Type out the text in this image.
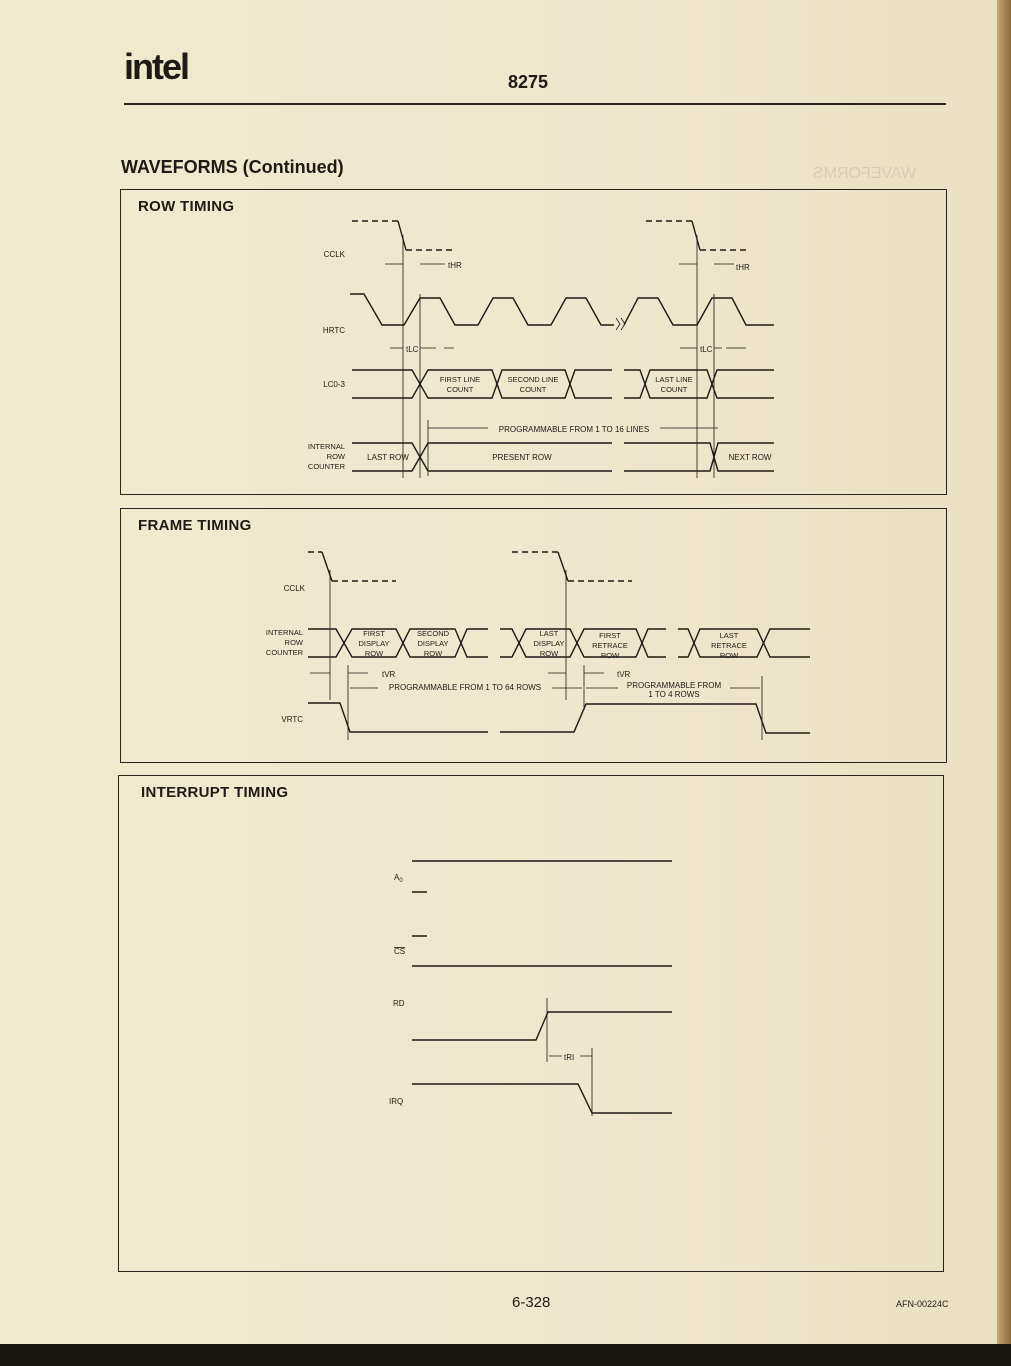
WAVEFORMS
intel	8275
WAVEFORMS (Continued)
ROW TIMING
FRAME TIMING
INTERRUPT TIMING
CCLK
tHR	tHR
HRTC
tLC	tLC
LC0-3
FIRST LINE COUNT
SECOND LINE COUNT
LAST LINE COUNT
PROGRAMMABLE FROM 1 TO 16 LINES
INTERNAL ROW COUNTER
LAST ROW	PRESENT ROW	NEXT ROW
CCLK
INTERNAL ROW COUNTER
FIRST DISPLAY ROW
SECOND DISPLAY ROW
LAST DISPLAY ROW
FIRST RETRACE ROW
LAST RETRACE ROW
tVR	tVR
PROGRAMMABLE FROM 1 TO 64 ROWS	PROGRAMMABLE FROM 1 TO 4 ROWS
VRTC
$A_0$
CS
RD
tRI
IRQ
6-328	AFN-00224C
